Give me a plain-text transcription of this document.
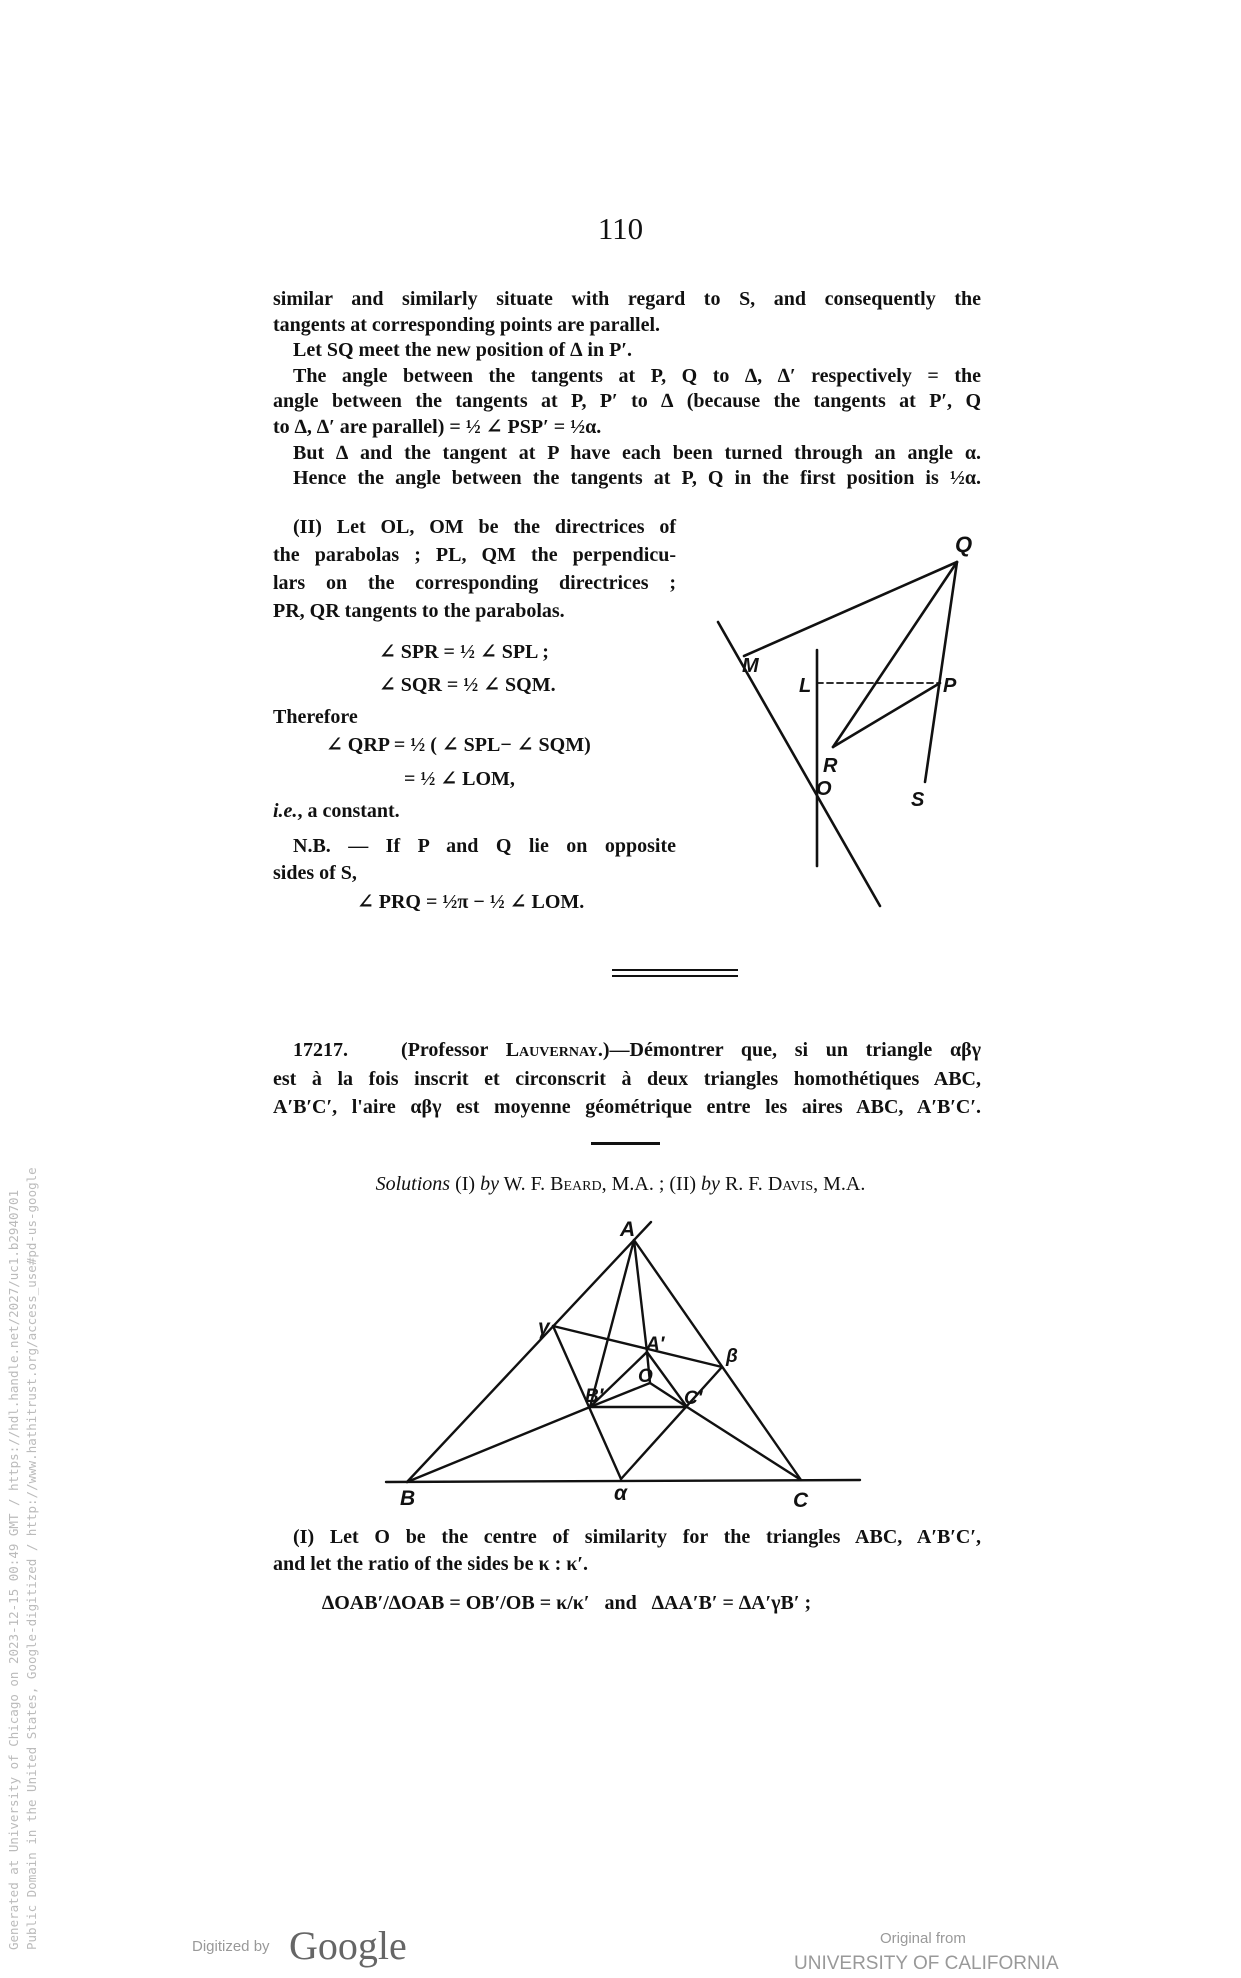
110
similar and similarly situate with regard to S, and consequently the
tangents at corresponding points are parallel.
Let SQ meet the new position of ∆ in P′.
The angle between the tangents at P, Q to ∆, ∆′ respectively = the
angle between the tangents at P, P′ to ∆ (because the tangents at P′, Q
to ∆, ∆′ are parallel) = ½ ∠ PSP′ = ½α.
But ∆ and the tangent at P have each been turned through an angle α.
Hence the angle between the tangents at P, Q in the first position is ½α.
(II) Let OL, OM be the directrices of
the parabolas ; PL, QM the perpendicu-
lars on the corresponding directrices ;
PR, QR tangents to the parabolas.
∠ SPR = ½ ∠ SPL ;
∠ SQR = ½ ∠ SQM.
Therefore
∠ QRP = ½ ( ∠ SPL− ∠ SQM)
= ½ ∠ LOM,
i.e., a constant.
N.B. — If P and Q lie on opposite
sides of S,
∠ PRQ = ½π − ½ ∠ LOM.
Q
M
L	P
R
O	S
17217.	(Professor Lauvernay.)—Démontrer que, si un triangle αβγ
est à la fois inscrit et circonscrit à deux triangles homothétiques ABC,
A′B′C′, l'aire αβγ est moyenne géométrique entre les aires ABC, A′B′C′.
Solutions (I) by W. F. Beard, M.A. ; (II) by R. F. Davis, M.A.
A
γ
A′
β
O
B′	C′
B	α	C
(I) Let O be the centre of similarity for the triangles ABC, A′B′C′,
and let the ratio of the sides be κ : κ′.
∆OAB′/∆OAB = OB′/OB = κ/κ′   and   ∆AA′B′ = ∆A′γB′ ;
Generated at University of Chicago on 2023-12-15 00:49 GMT / https://hdl.handle.net/2027/uc1.b2940701 Public Domain in the United States, Google-digitized / http://www.hathitrust.org/access_use#pd-us-google	Digitized by Google	Original from
UNIVERSITY OF CALIFORNIA
